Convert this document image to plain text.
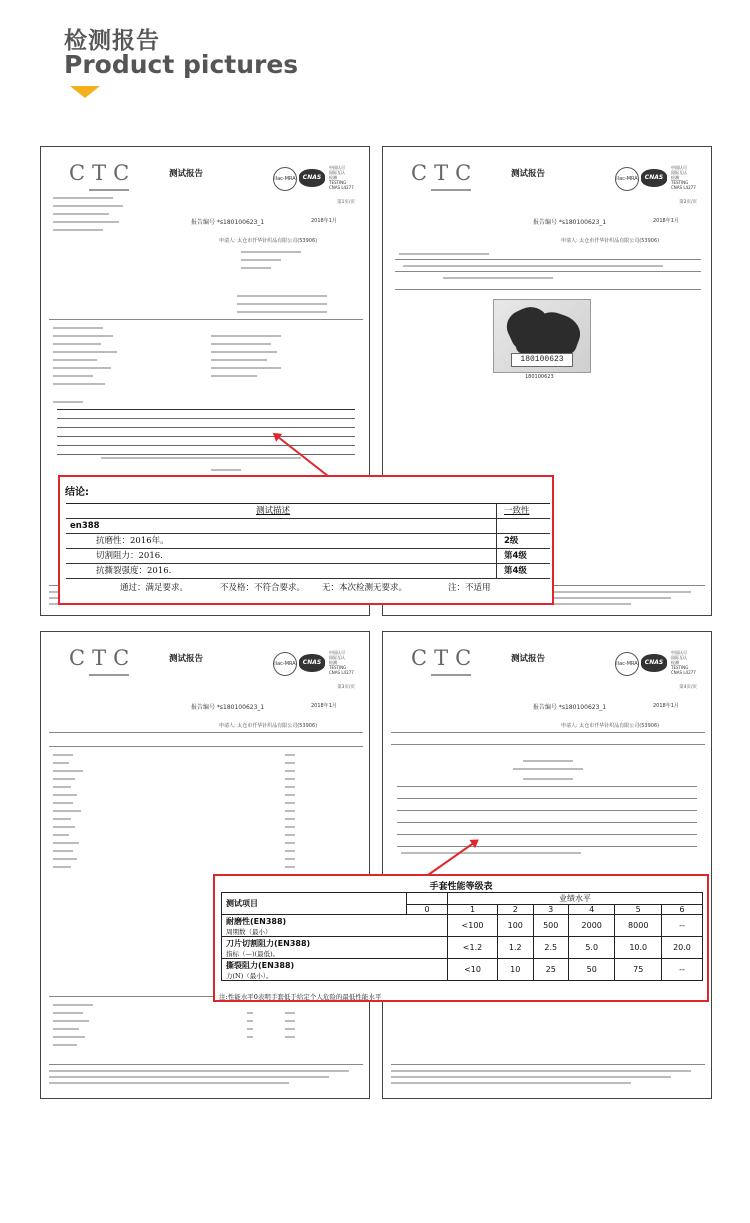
检测报告
Product pictures
CTC	测试报告	ilac-MRA	CNAS
中国认可
国际互认
检测
TESTING
CNAS L4277
第1页/页
报告编号 *s180100623_1	2018年1月
申请人: 太仓市仟华针织品有限公司(53906)
CTC	测试报告	ilac-MRA	CNAS
中国认可
国际互认
检测
TESTING
CNAS L4277
第2页/页
报告编号 *s180100623_1	2018年1月
申请人: 太仓市仟华针织品有限公司(53906)
180100623
180100623
CTC	测试报告	ilac-MRA	CNAS
中国认可
国际互认
检测
TESTING
CNAS L4277
第3页/页
报告编号 *s180100623_1	2018年1月
申请人: 太仓市仟华针织品有限公司(53906)
CTC	测试报告	ilac-MRA	CNAS
中国认可
国际互认
检测
TESTING
CNAS L4277
第4页/页
报告编号 *s180100623_1	2018年1月
申请人: 太仓市仟华针织品有限公司(53906)
结论:
测试描述	一致性
en388
抗磨性：2016年。	2级
切割阻力：2016.	第4级
抗撕裂强度：2016.	第4级
通过：满足要求。	不及格：不符合要求。 无：本次检测无要求。	注：不适用
手套性能等级表
测试项目		业绩水平					
	0	1	2	3	4	5	6
耐磨性(EN388)
周期数（最小）		<100	100	500	2000	8000	--
刀片切割阻力(EN388)
指标（—)(最低)。		<1.2	1.2	2.5	5.0	10.0	20.0
撕裂阻力(EN388)
力(N)（最小）。		<10	10	25	50	75	--
注:性能水平0表明手套低于给定个人危险的最低性能水平
